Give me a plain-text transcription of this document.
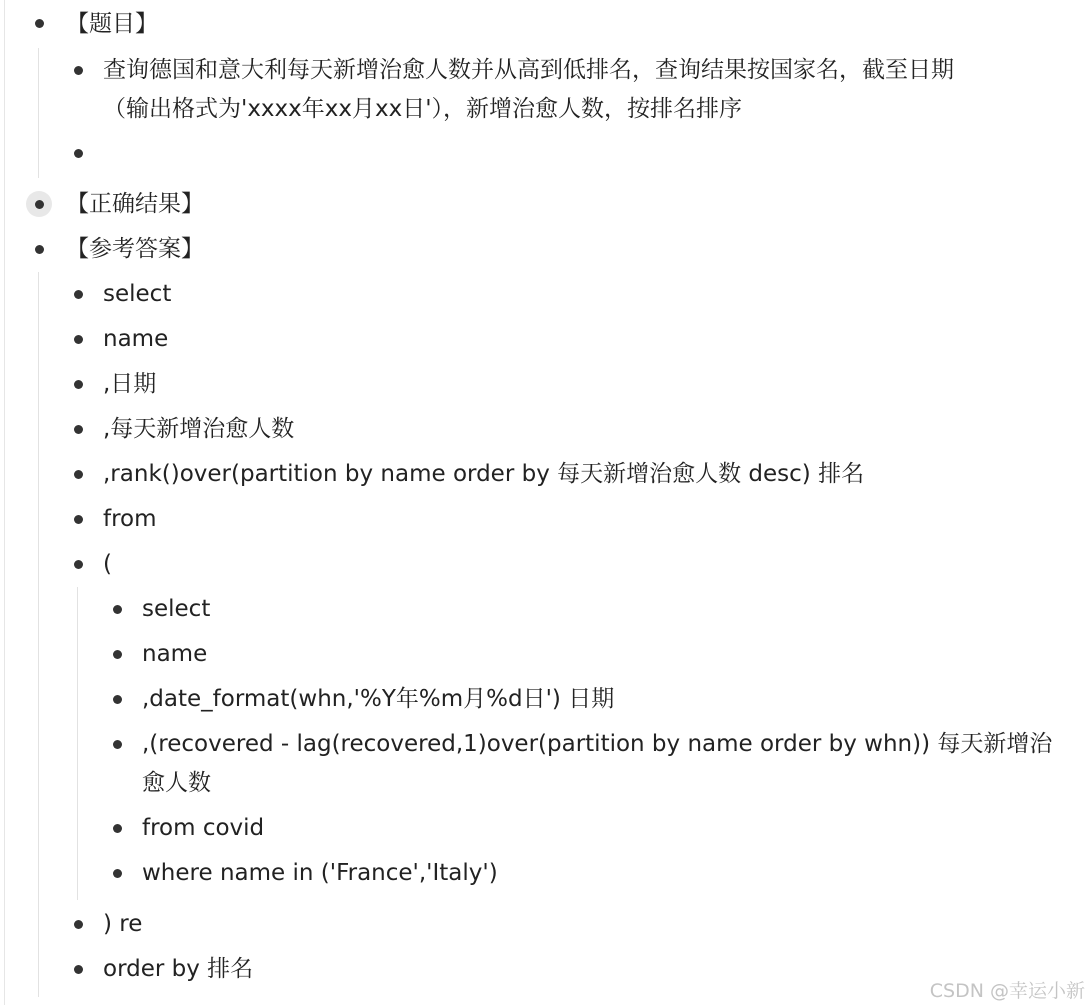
【题目】
查询德国和意大利每天新增治愈人数并从高到低排名，查询结果按国家名，截至日期
（输出格式为'xxxx年xx月xx日'），新增治愈人数，按排名排序
【正确结果】
【参考答案】
select
name
,日期
,每天新增治愈人数
,rank()over(partition by name order by 每天新增治愈人数 desc) 排名
from
(
select
name
,date_format(whn,'%Y年%m月%d日') 日期
,(recovered - lag(recovered,1)over(partition by name order by whn)) 每天新增治
愈人数
from covid
where name in ('France','Italy')
) re
order by 排名
CSDN @幸运小新
